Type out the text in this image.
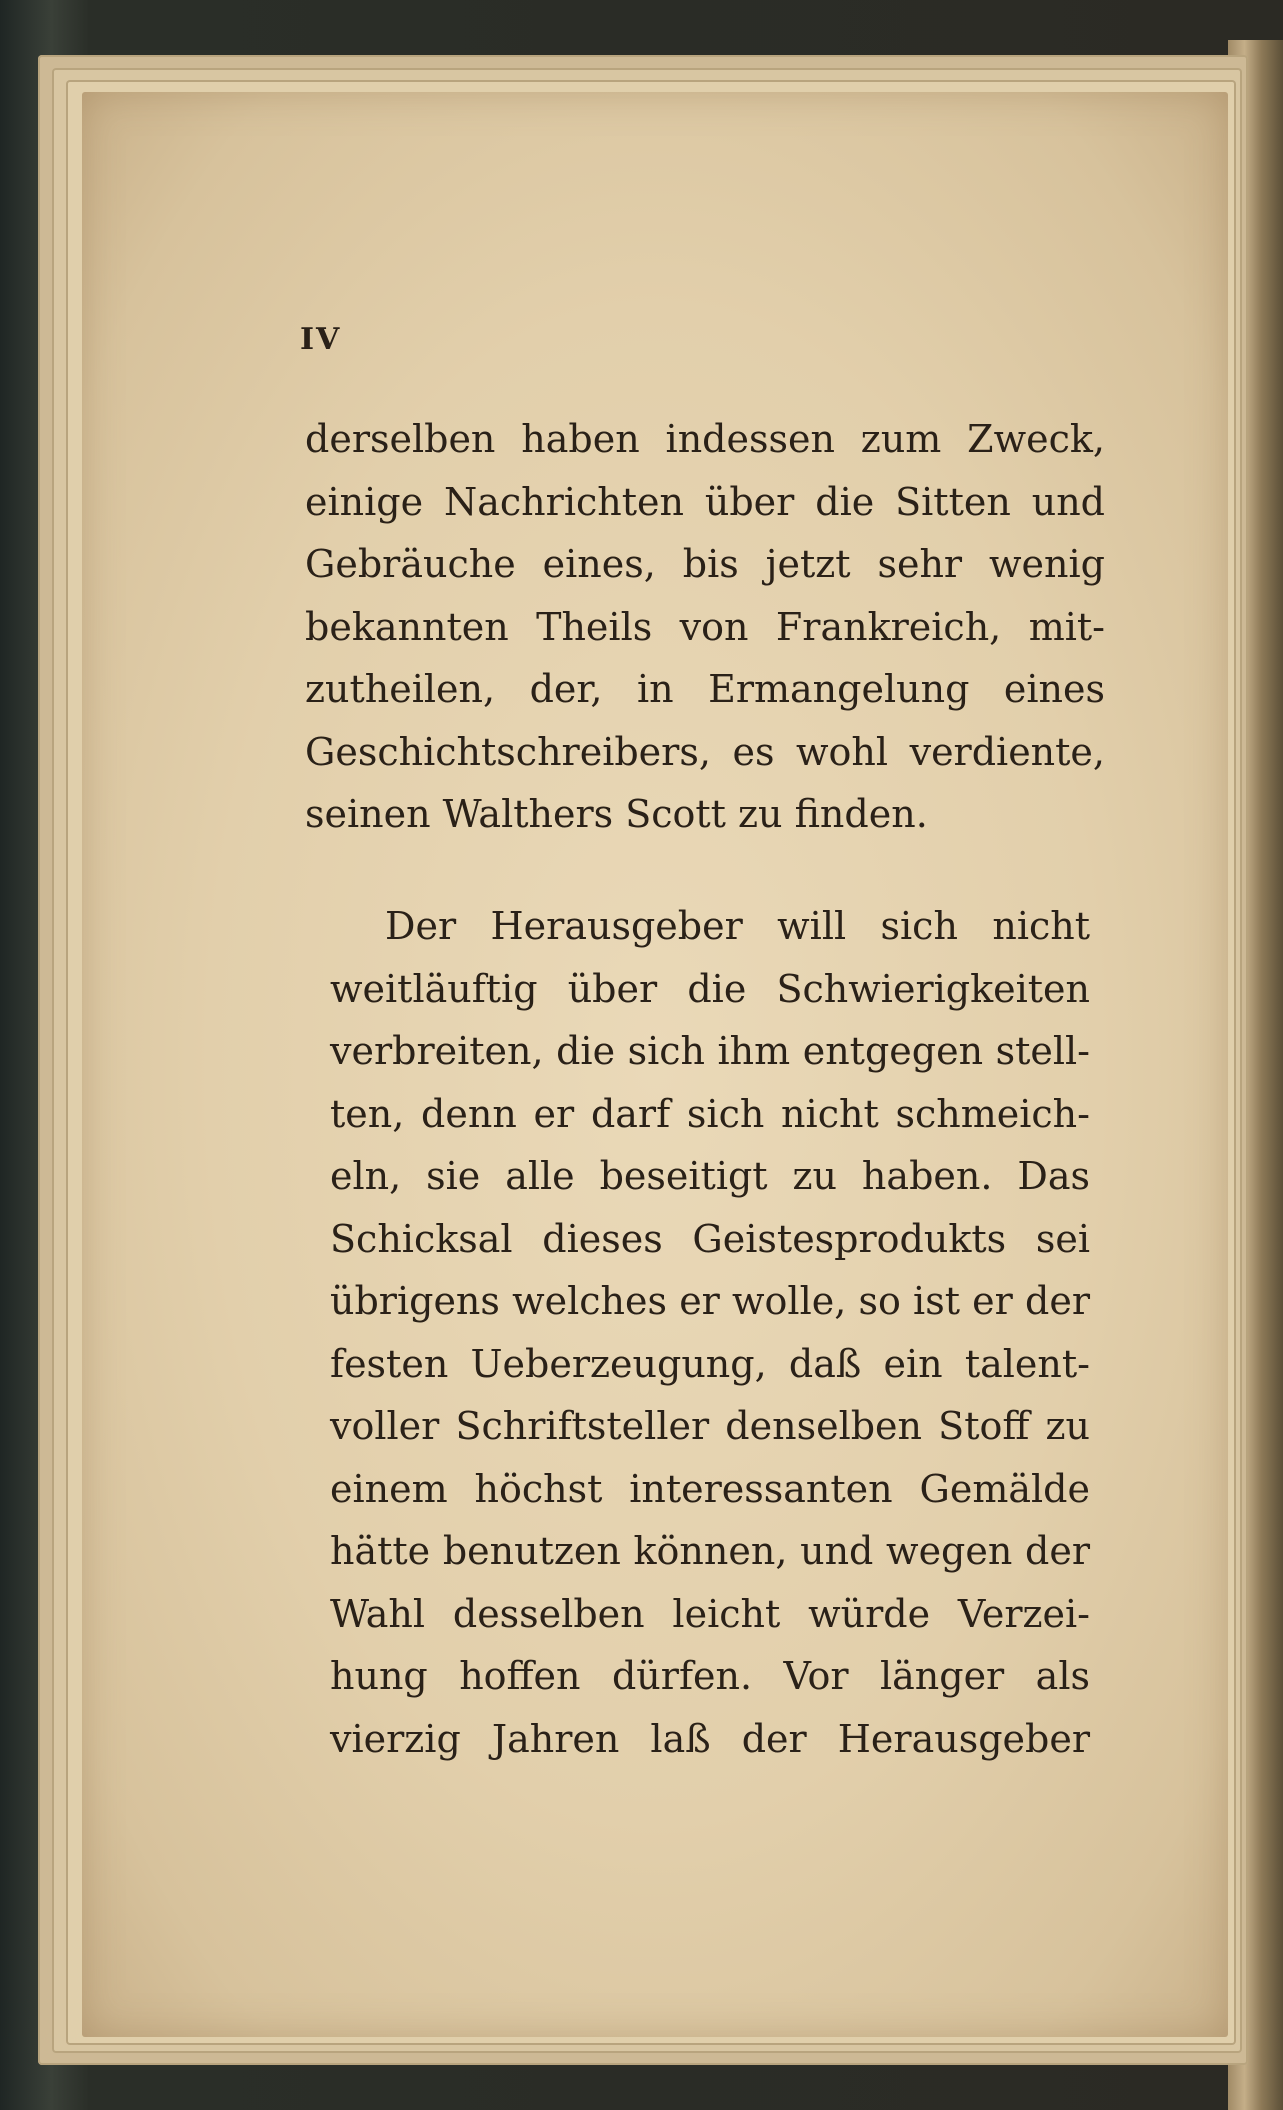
IV
derselben haben indessen zum Zweck,
einige Nachrichten über die Sitten und
Gebräuche eines, bis jetzt sehr wenig
bekannten Theils von Frankreich, mit-
zutheilen, der, in Ermangelung eines
Geschichtschreibers, es wohl verdiente,
seinen Walthers Scott zu finden.
Der Herausgeber will sich nicht
weitläuftig über die Schwierigkeiten
verbreiten, die sich ihm entgegen stell-
ten, denn er darf sich nicht schmeich-
eln, sie alle beseitigt zu haben. Das
Schicksal dieses Geistesprodukts sei
übrigens welches er wolle, so ist er der
festen Ueberzeugung, daß ein talent-
voller Schriftsteller denselben Stoff zu
einem höchst interessanten Gemälde
hätte benutzen können, und wegen der
Wahl desselben leicht würde Verzei-
hung hoffen dürfen. Vor länger als
vierzig Jahren laß der Herausgeber
